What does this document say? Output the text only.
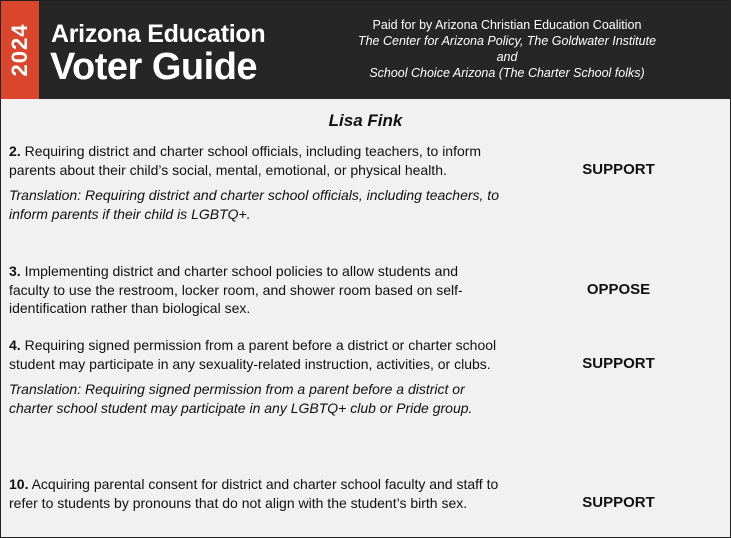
2024 Arizona Education
Voter Guide
Paid for by Arizona Christian Education Coalition
The Center for Arizona Policy, The Goldwater Institute
and
School Choice Arizona (The Charter School folks)
Lisa Fink
2. Requiring district and charter school officials, including teachers, to inform parents about their child’s social, mental, emotional, or physical health.
Translation: Requiring district and charter school officials, including teachers, to inform parents if their child is LGBTQ+.
SUPPORT
3. Implementing district and charter school policies to allow students and faculty to use the restroom, locker room, and shower room based on self-identification rather than biological sex.
OPPOSE
4. Requiring signed permission from a parent before a district or charter school student may participate in any sexuality-related instruction, activities, or clubs.
Translation: Requiring signed permission from a parent before a district or charter school student may participate in any LGBTQ+ club or Pride group.
SUPPORT
10. Acquiring parental consent for district and charter school faculty and staff to refer to students by pronouns that do not align with the student’s birth sex.	SUPPORT
